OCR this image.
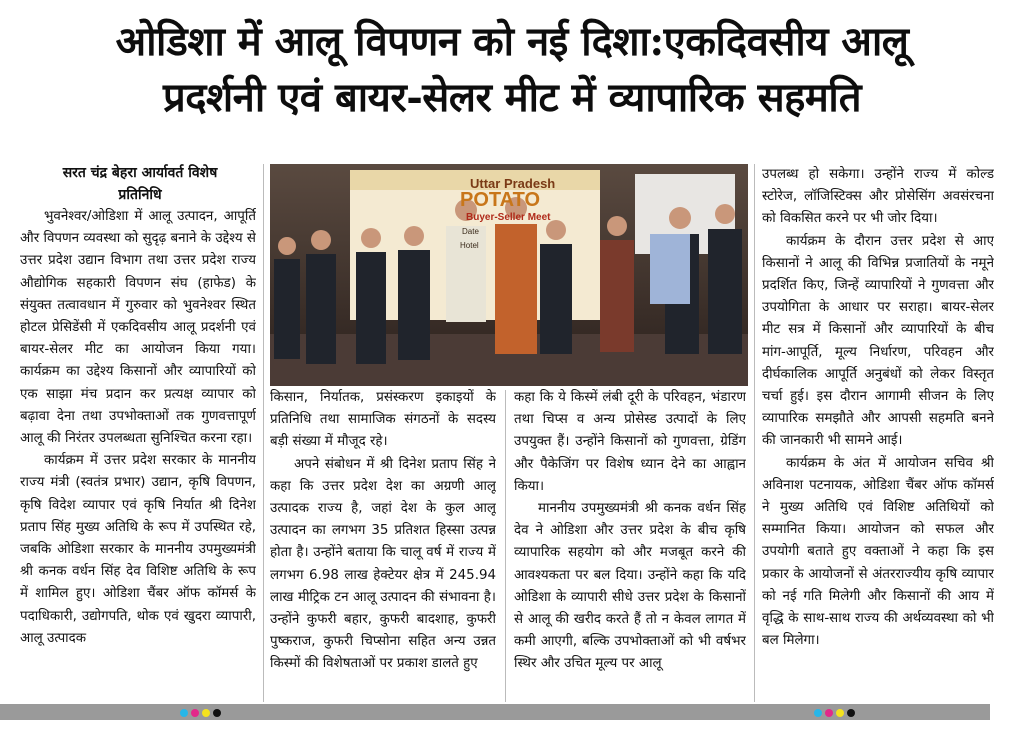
ओडिशा में आलू विपणन को नई दिशा:एकदिवसीय आलू
प्रदर्शनी एवं बायर-सेलर मीट में व्यापारिक सहमति
सरत चंद्र बेहरा आर्यावर्त विशेष
प्रतिनिधि

भुवनेश्वर/ओडिशा में आलू उत्पादन, आपूर्ति और विपणन व्यवस्था को सुदृढ़ बनाने के उद्देश्य से उत्तर प्रदेश उद्यान विभाग तथा उत्तर प्रदेश राज्य औद्योगिक सहकारी विपणन संघ (हाफेड) के संयुक्त तत्वावधान में गुरुवार को भुवनेश्वर स्थित होटल प्रेसिडेंसी में एकदिवसीय आलू प्रदर्शनी एवं बायर-सेलर मीट का आयोजन किया गया। कार्यक्रम का उद्देश्य किसानों और व्यापारियों को एक साझा मंच प्रदान कर प्रत्यक्ष व्यापार को बढ़ावा देना तथा उपभोक्ताओं तक गुणवत्तापूर्ण आलू की निरंतर उपलब्धता सुनिश्चित करना रहा।

कार्यक्रम में उत्तर प्रदेश सरकार के माननीय राज्य मंत्री (स्वतंत्र प्रभार) उद्यान, कृषि विपणन, कृषि विदेश व्यापार एवं कृषि निर्यात श्री दिनेश प्रताप सिंह मुख्य अतिथि के रूप में उपस्थित रहे, जबकि ओडिशा सरकार के माननीय उपमुख्यमंत्री श्री कनक वर्धन सिंह देव विशिष्ट अतिथि के रूप में शामिल हुए। ओडिशा चैंबर ऑफ कॉमर्स के पदाधिकारी, उद्योगपति, थोक एवं खुदरा व्यापारी, आलू उत्पादक

Uttar Pradesh
POTATO
Buyer-Seller Meet
Date
Hotel

किसान, निर्यातक, प्रसंस्करण इकाइयों के प्रतिनिधि तथा सामाजिक संगठनों के सदस्य बड़ी संख्या में मौजूद रहे।

अपने संबोधन में श्री दिनेश प्रताप सिंह ने कहा कि उत्तर प्रदेश देश का अग्रणी आलू उत्पादक राज्य है, जहां देश के कुल आलू उत्पादन का लगभग 35 प्रतिशत हिस्सा उत्पन्न होता है। उन्होंने बताया कि चालू वर्ष में राज्य में लगभग 6.98 लाख हेक्टेयर क्षेत्र में 245.94 लाख मीट्रिक टन आलू उत्पादन की संभावना है। उन्होंने कुफरी बहार, कुफरी बादशाह, कुफरी पुष्कराज, कुफरी चिप्सोना सहित अन्य उन्नत किस्मों की विशेषताओं पर प्रकाश डालते हुए

कहा कि ये किस्में लंबी दूरी के परिवहन, भंडारण तथा चिप्स व अन्य प्रोसेस्ड उत्पादों के लिए उपयुक्त हैं। उन्होंने किसानों को गुणवत्ता, ग्रेडिंग और पैकेजिंग पर विशेष ध्यान देने का आह्वान किया।

माननीय उपमुख्यमंत्री श्री कनक वर्धन सिंह देव ने ओडिशा और उत्तर प्रदेश के बीच कृषि व्यापारिक सहयोग को और मजबूत करने की आवश्यकता पर बल दिया। उन्होंने कहा कि यदि ओडिशा के व्यापारी सीधे उत्तर प्रदेश के किसानों से आलू की खरीद करते हैं तो न केवल लागत में कमी आएगी, बल्कि उपभोक्ताओं को भी वर्षभर स्थिर और उचित मूल्य पर आलू

उपलब्ध हो सकेगा। उन्होंने राज्य में कोल्ड स्टोरेज, लॉजिस्टिक्स और प्रोसेसिंग अवसंरचना को विकसित करने पर भी जोर दिया।

कार्यक्रम के दौरान उत्तर प्रदेश से आए किसानों ने आलू की विभिन्न प्रजातियों के नमूने प्रदर्शित किए, जिन्हें व्यापारियों ने गुणवत्ता और उपयोगिता के आधार पर सराहा। बायर-सेलर मीट सत्र में किसानों और व्यापारियों के बीच मांग-आपूर्ति, मूल्य निर्धारण, परिवहन और दीर्घकालिक आपूर्ति अनुबंधों को लेकर विस्तृत चर्चा हुई। इस दौरान आगामी सीजन के लिए व्यापारिक समझौते और आपसी सहमति बनने की जानकारी भी सामने आई।

कार्यक्रम के अंत में आयोजन सचिव श्री अविनाश पटनायक, ओडिशा चैंबर ऑफ कॉमर्स ने मुख्य अतिथि एवं विशिष्ट अतिथियों को सम्मानित किया। आयोजन को सफल और उपयोगी बताते हुए वक्ताओं ने कहा कि इस प्रकार के आयोजनों से अंतरराज्यीय कृषि व्यापार को नई गति मिलेगी और किसानों की आय में वृद्धि के साथ-साथ राज्य की अर्थव्यवस्था को भी बल मिलेगा।
